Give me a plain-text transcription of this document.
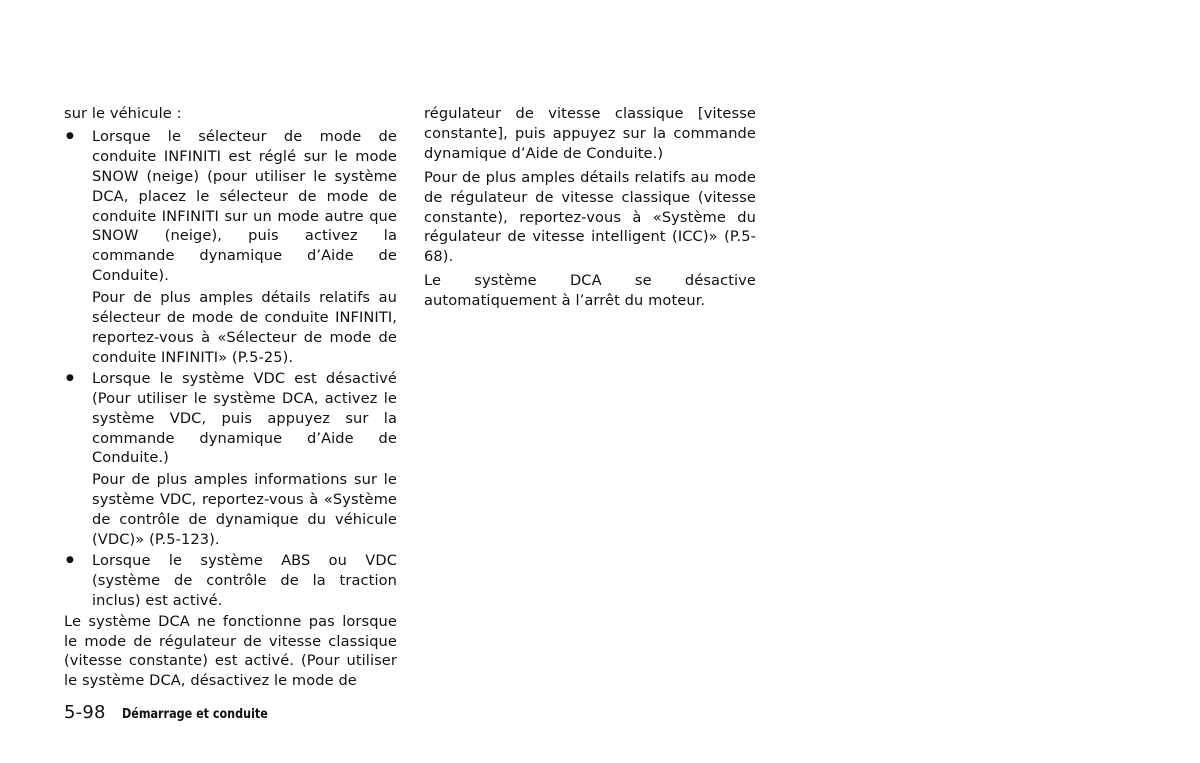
sur le véhicule :

● Lorsque le sélecteur de mode de conduite INFINITI est réglé sur le mode SNOW (neige) (pour utiliser le système DCA, placez le sélecteur de mode de conduite INFINITI sur un mode autre que SNOW (neige), puis activez la commande dynamique d’Aide de Conduite).

Pour de plus amples détails relatifs au sélecteur de mode de conduite INFINITI, reportez-vous à «Sélecteur de mode de conduite INFINITI» (P.5-25).

● Lorsque le système VDC est désactivé (Pour utiliser le système DCA, activez le système VDC, puis appuyez sur la commande dynamique d’Aide de Conduite.)

Pour de plus amples informations sur le système VDC, reportez-vous à «Système de contrôle de dynamique du véhicule (VDC)» (P.5-123).

● Lorsque le système ABS ou VDC (système de contrôle de la traction inclus) est activé.

Le système DCA ne fonctionne pas lorsque le mode de régulateur de vitesse classique (vitesse constante) est activé. (Pour utiliser le système DCA, désactivez le mode de

régulateur de vitesse classique [vitesse constante], puis appuyez sur la commande dynamique d’Aide de Conduite.)

Pour de plus amples détails relatifs au mode de régulateur de vitesse classique (vitesse constante), reportez-vous à «Système du régulateur de vitesse intelligent (ICC)» (P.5-68).

Le système DCA se désactive automatiquement à l’arrêt du moteur.

5-98 Démarrage et conduite
